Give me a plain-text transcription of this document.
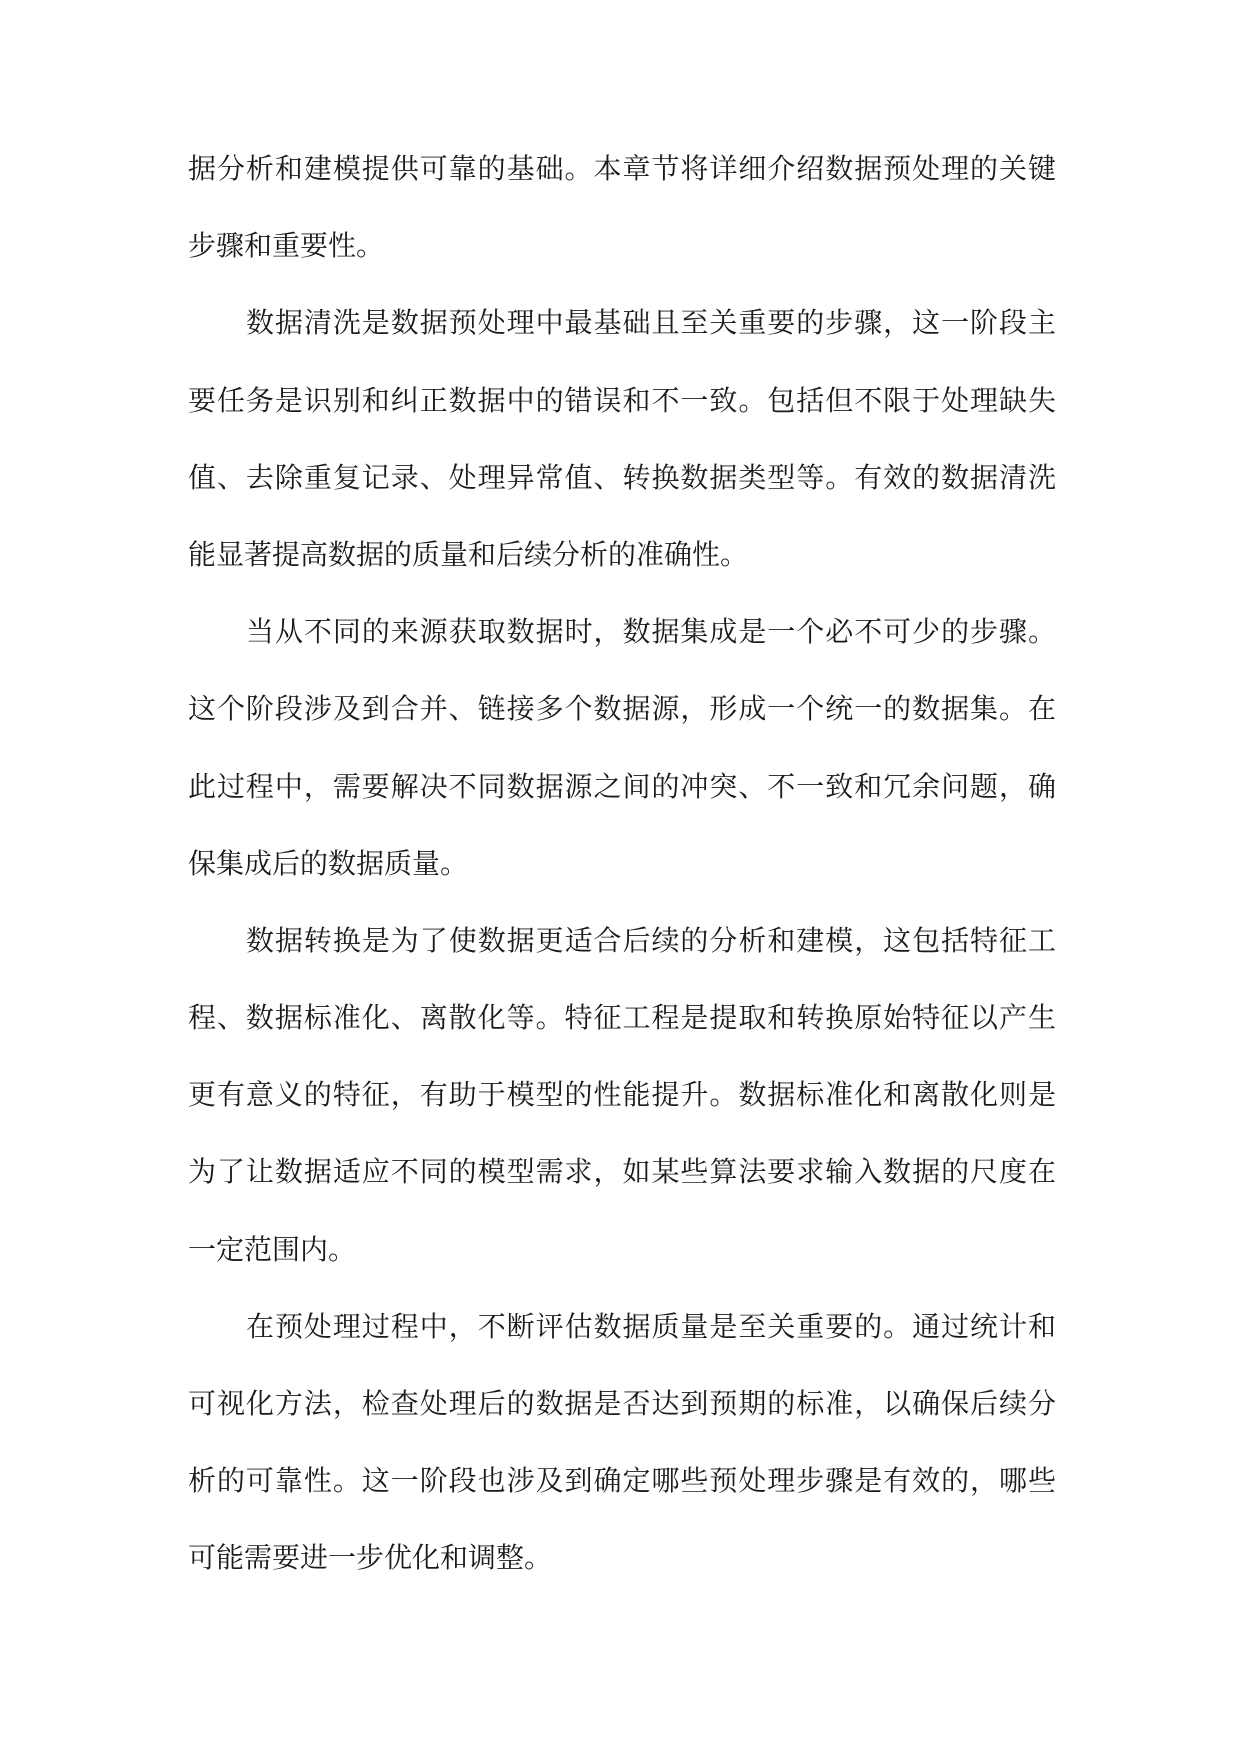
据分析和建模提供可靠的基础。本章节将详细介绍数据预处理的关键
步骤和重要性。
数据清洗是数据预处理中最基础且至关重要的步骤，这一阶段主
要任务是识别和纠正数据中的错误和不一致。包括但不限于处理缺失
值、去除重复记录、处理异常值、转换数据类型等。有效的数据清洗
能显著提高数据的质量和后续分析的准确性。
当从不同的来源获取数据时，数据集成是一个必不可少的步骤。
这个阶段涉及到合并、链接多个数据源，形成一个统一的数据集。在
此过程中，需要解决不同数据源之间的冲突、不一致和冗余问题，确
保集成后的数据质量。
数据转换是为了使数据更适合后续的分析和建模，这包括特征工
程、数据标准化、离散化等。特征工程是提取和转换原始特征以产生
更有意义的特征，有助于模型的性能提升。数据标准化和离散化则是
为了让数据适应不同的模型需求，如某些算法要求输入数据的尺度在
一定范围内。
在预处理过程中，不断评估数据质量是至关重要的。通过统计和
可视化方法，检查处理后的数据是否达到预期的标准，以确保后续分
析的可靠性。这一阶段也涉及到确定哪些预处理步骤是有效的，哪些
可能需要进一步优化和调整。
